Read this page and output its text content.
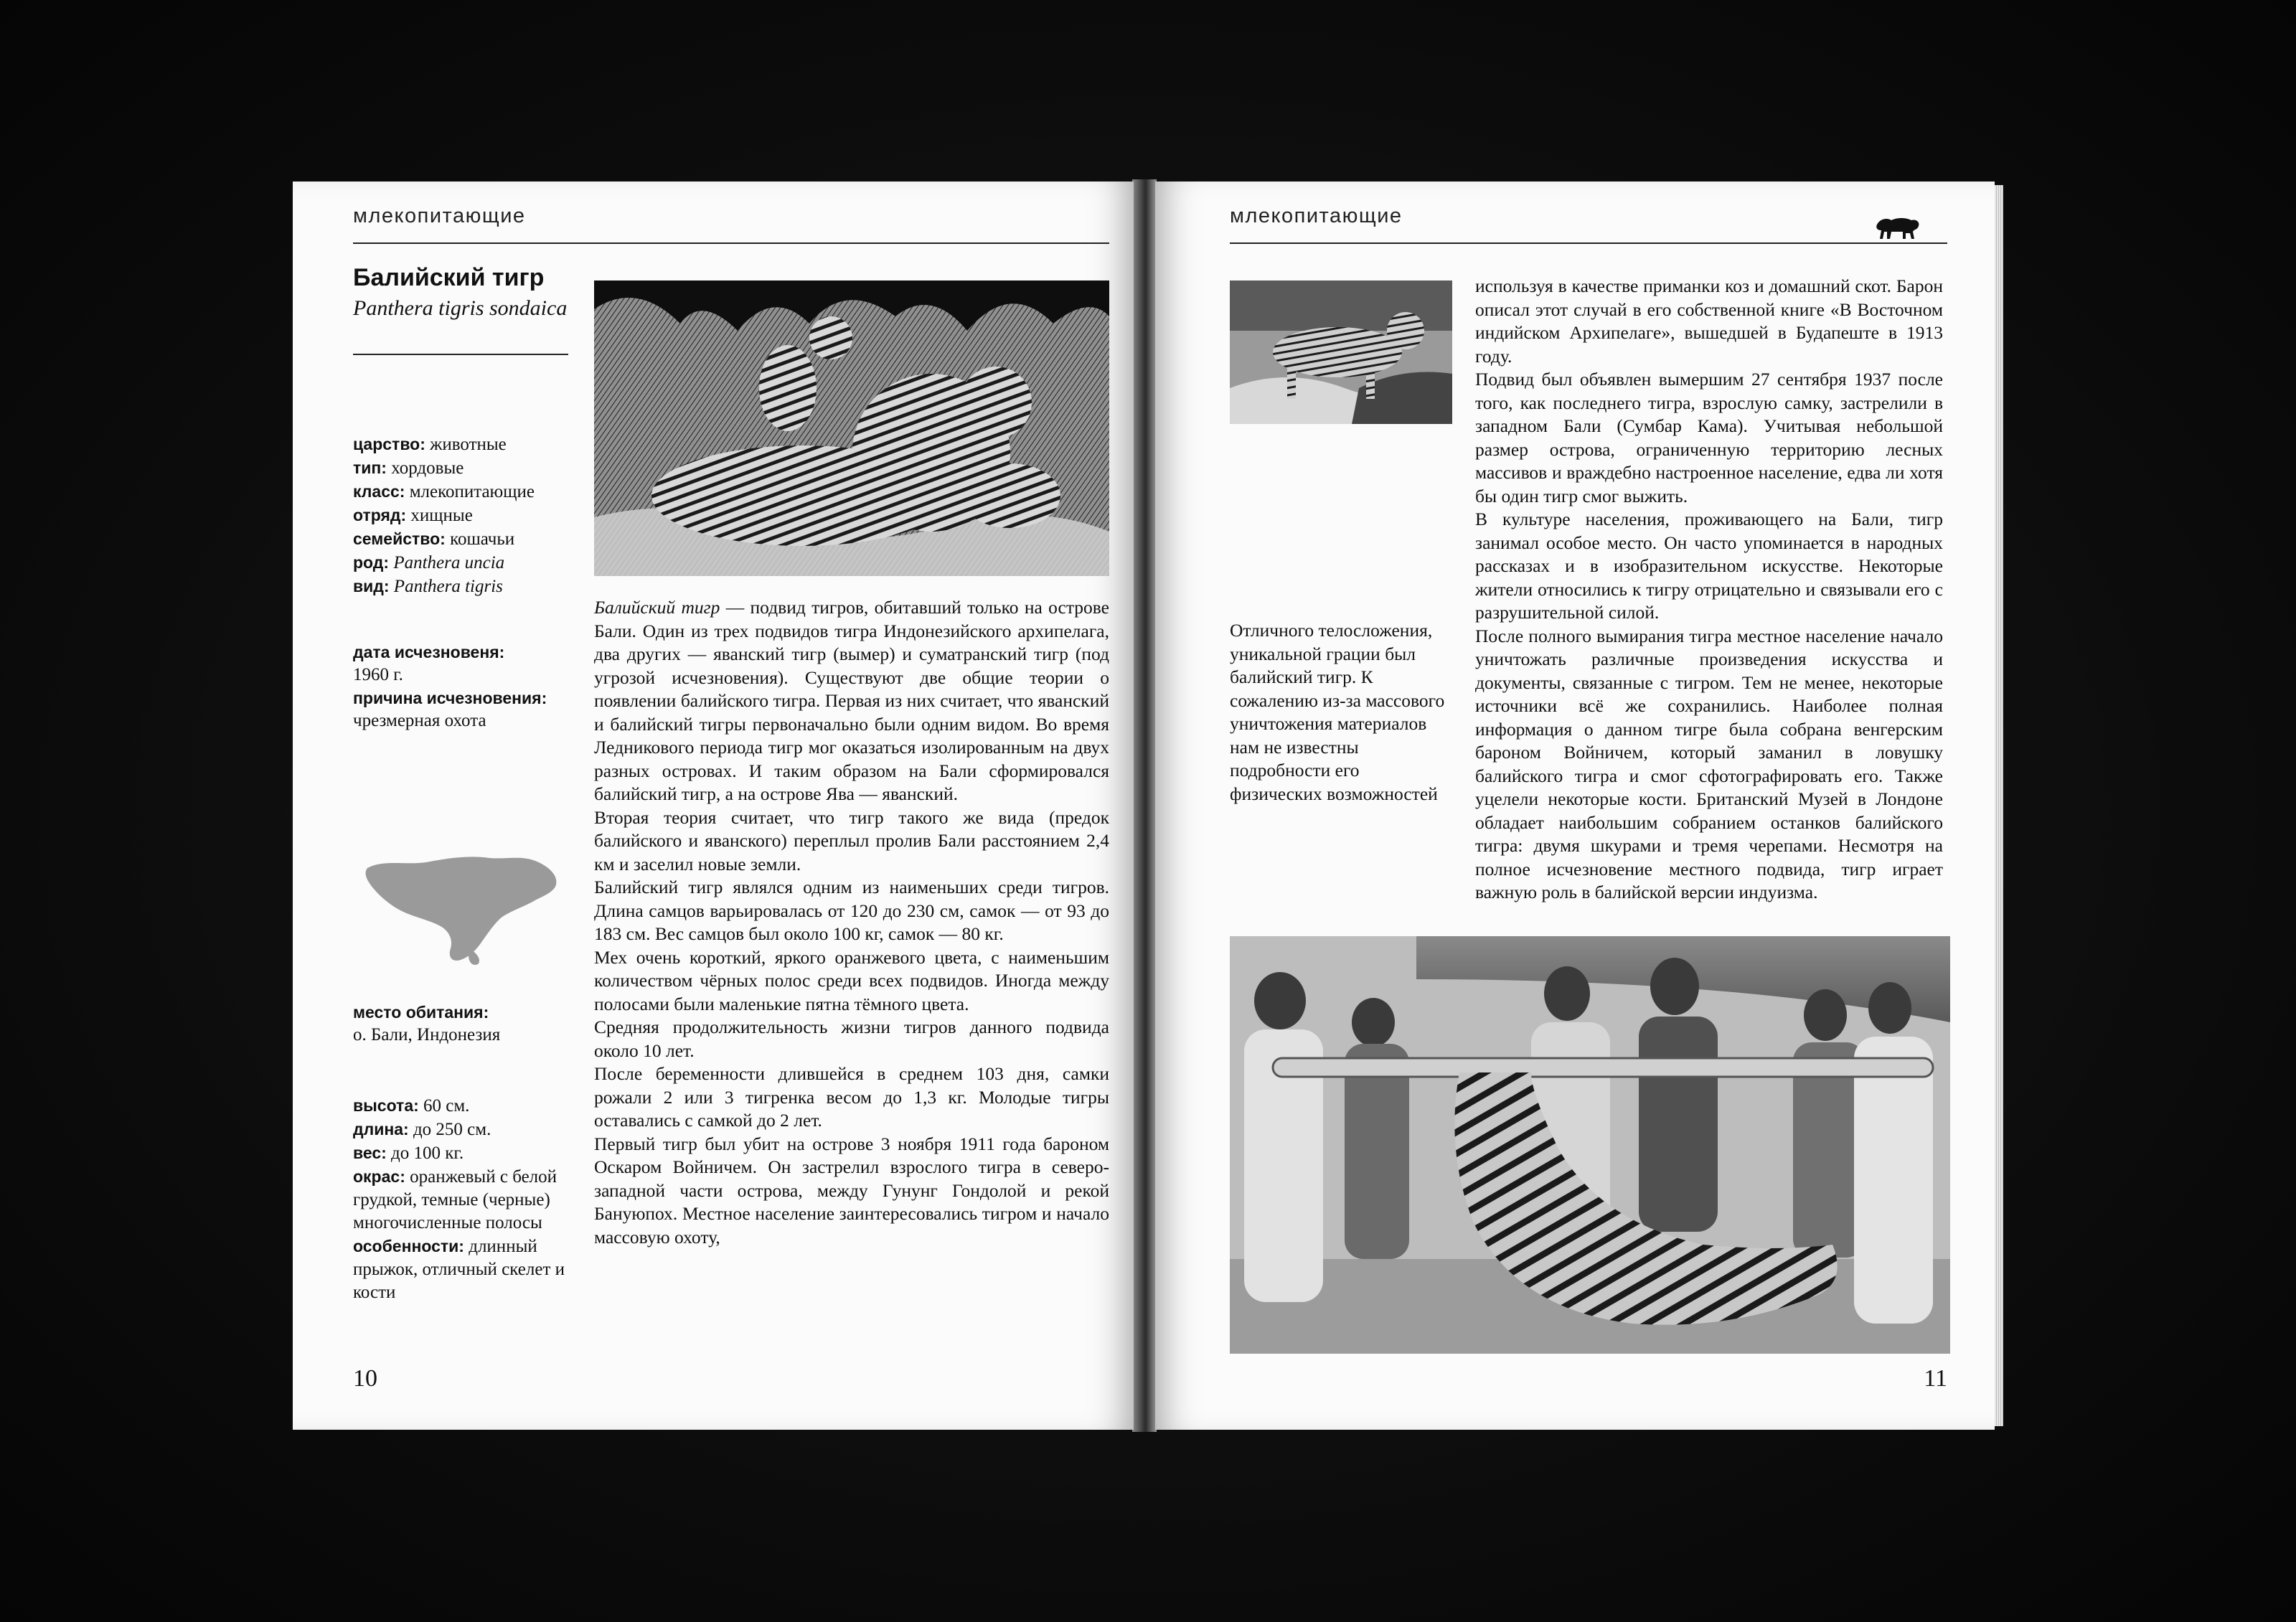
млекопитающие
Балийский тигр
Panthera tigris sondaica
царство: животные
тип: хордовые
класс: млекопитающие
отряд: хищные
семейство: кошачьи
род: Panthera uncia
вид: Panthera tigris
дата исчезновеня:
1960 г.
причина исчезновения:
чрезмерная охота
место обитания:
о. Бали, Индонезия
высота: 60 см.
длина: до 250 см.
вес: до 100 кг.
окрас: оранжевый с белой грудкой, темные (черные) многочисленные полосы
особенности: длинный прыжок, отличный скелет и кости

Балийский тигр — подвид тигров, обитавший только на острове Бали. Один из трех подвидов тигра Индонезийского архипелага, два других — яванский тигр (вымер) и суматранский тигр (под угрозой исчезновения). Существуют две общие теории о появлении балийского тигра. Первая из них считает, что яванский и балийский тигры первоначально были одним видом. Во время Ледникового периода тигр мог оказаться изолированным на двух разных островах. И таким образом на Бали сформировался балийский тигр, а на острове Ява — яванский.

Вторая теория считает, что тигр такого же вида (предок балийского и яванского) переплыл пролив Бали расстоянием 2,4 км и заселил новые земли.

Балийский тигр являлся одним из наименьших среди тигров. Длина самцов варьировалась от 120 до 230 см, самок — от 93 до 183 см. Вес самцов был около 100 кг, самок — 80 кг.

Мех очень короткий, яркого оранжевого цвета, с наименьшим количеством чёрных полос среди всех подвидов. Иногда между полосами были маленькие пятна тёмного цвета.

Средняя продолжительность жизни тигров данного подвида около 10 лет.

После беременности длившейся в среднем 103 дня, самки рожали 2 или 3 тигренка весом до 1,3 кг. Молодые тигры оставались с самкой до 2 лет.

Первый тигр был убит на острове 3 ноября 1911 года бароном Оскаром Войничем. Он застрелил взрослого тигра в северо-западной части острова, между Гунунг Гондолой и рекой Бануюпох. Местное население заинтересовались тигром и начало массовую охоту,

10
млекопитающие
Отличного телосложения, уникальной грации был балийский тигр. К сожалению из-за массового уничтожения материалов нам не известны подробности его физических возможностей

используя в качестве приманки коз и домашний скот. Барон описал этот случай в его собственной книге «В Восточном индийском Архипелаге», вышедшей в Будапеште в 1913 году.

Подвид был объявлен вымершим 27 сентября 1937 после того, как последнего тигра, взрослую самку, застрелили в западном Бали (Сумбар Кама). Учитывая небольшой размер острова, ограниченную территорию лесных массивов и враждебно настроенное население, едва ли хотя бы один тигр смог выжить.

В культуре населения, проживающего на Бали, тигр занимал особое место. Он часто упоминается в народных рассказах и в изобразительном искусстве. Некоторые жители относились к тигру отрицательно и связывали его с разрушительной силой.

После полного вымирания тигра местное население начало уничтожать различные произведения искусства и документы, связанные с тигром. Тем не менее, некоторые источники всё же сохранились. Наиболее полная информация о данном тигре была собрана венгерским бароном Войничем, который заманил в ловушку балийского тигра и смог сфотографировать его. Также уцелели некоторые кости. Британский Музей в Лондоне обладает наибольшим собранием останков балийского тигра: двумя шкурами и тремя черепами. Несмотря на полное исчезновение местного подвида, тигр играет важную роль в балийской версии индуизма.

11
